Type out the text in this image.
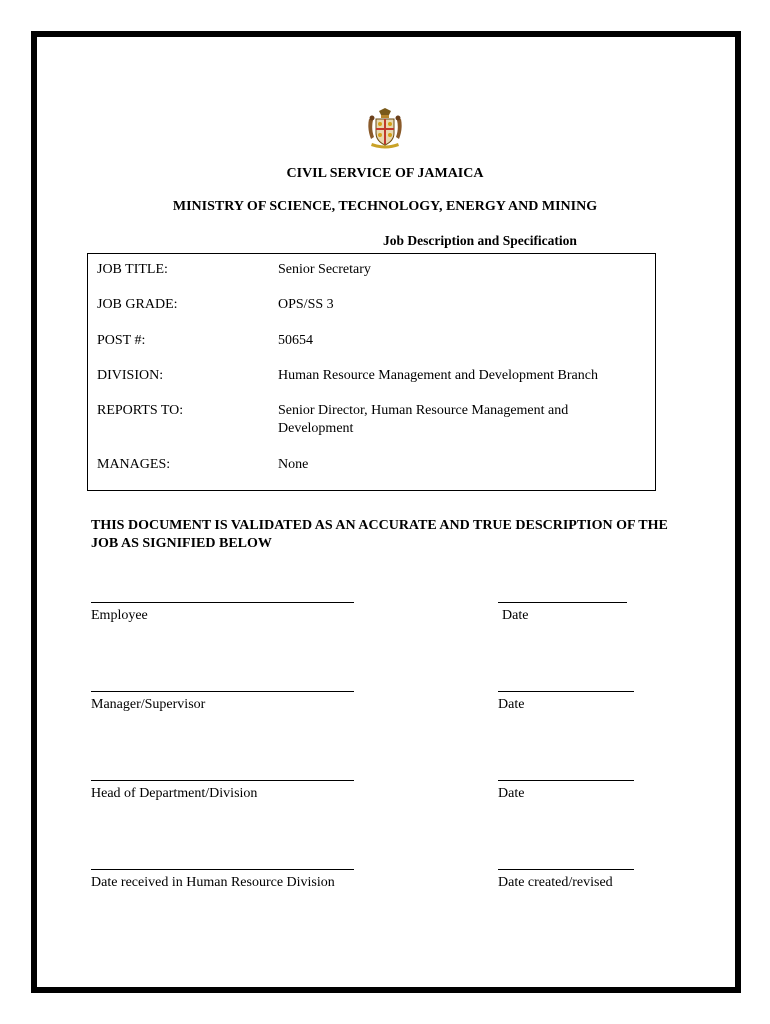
CIVIL SERVICE OF JAMAICA
MINISTRY OF SCIENCE, TECHNOLOGY, ENERGY AND MINING
Job Description and Specification
JOB TITLE:	Senior Secretary
JOB GRADE:	OPS/SS 3
POST #:	50654
DIVISION:	Human Resource Management and Development Branch
REPORTS TO:	Senior Director, Human Resource Management and Development
MANAGES:	None
THIS DOCUMENT IS VALIDATED AS AN ACCURATE AND TRUE DESCRIPTION OF THE JOB AS SIGNIFIED BELOW
Employee	Date
Manager/Supervisor	Date
Head of Department/Division	Date
Date received in Human Resource Division	Date created/revised
